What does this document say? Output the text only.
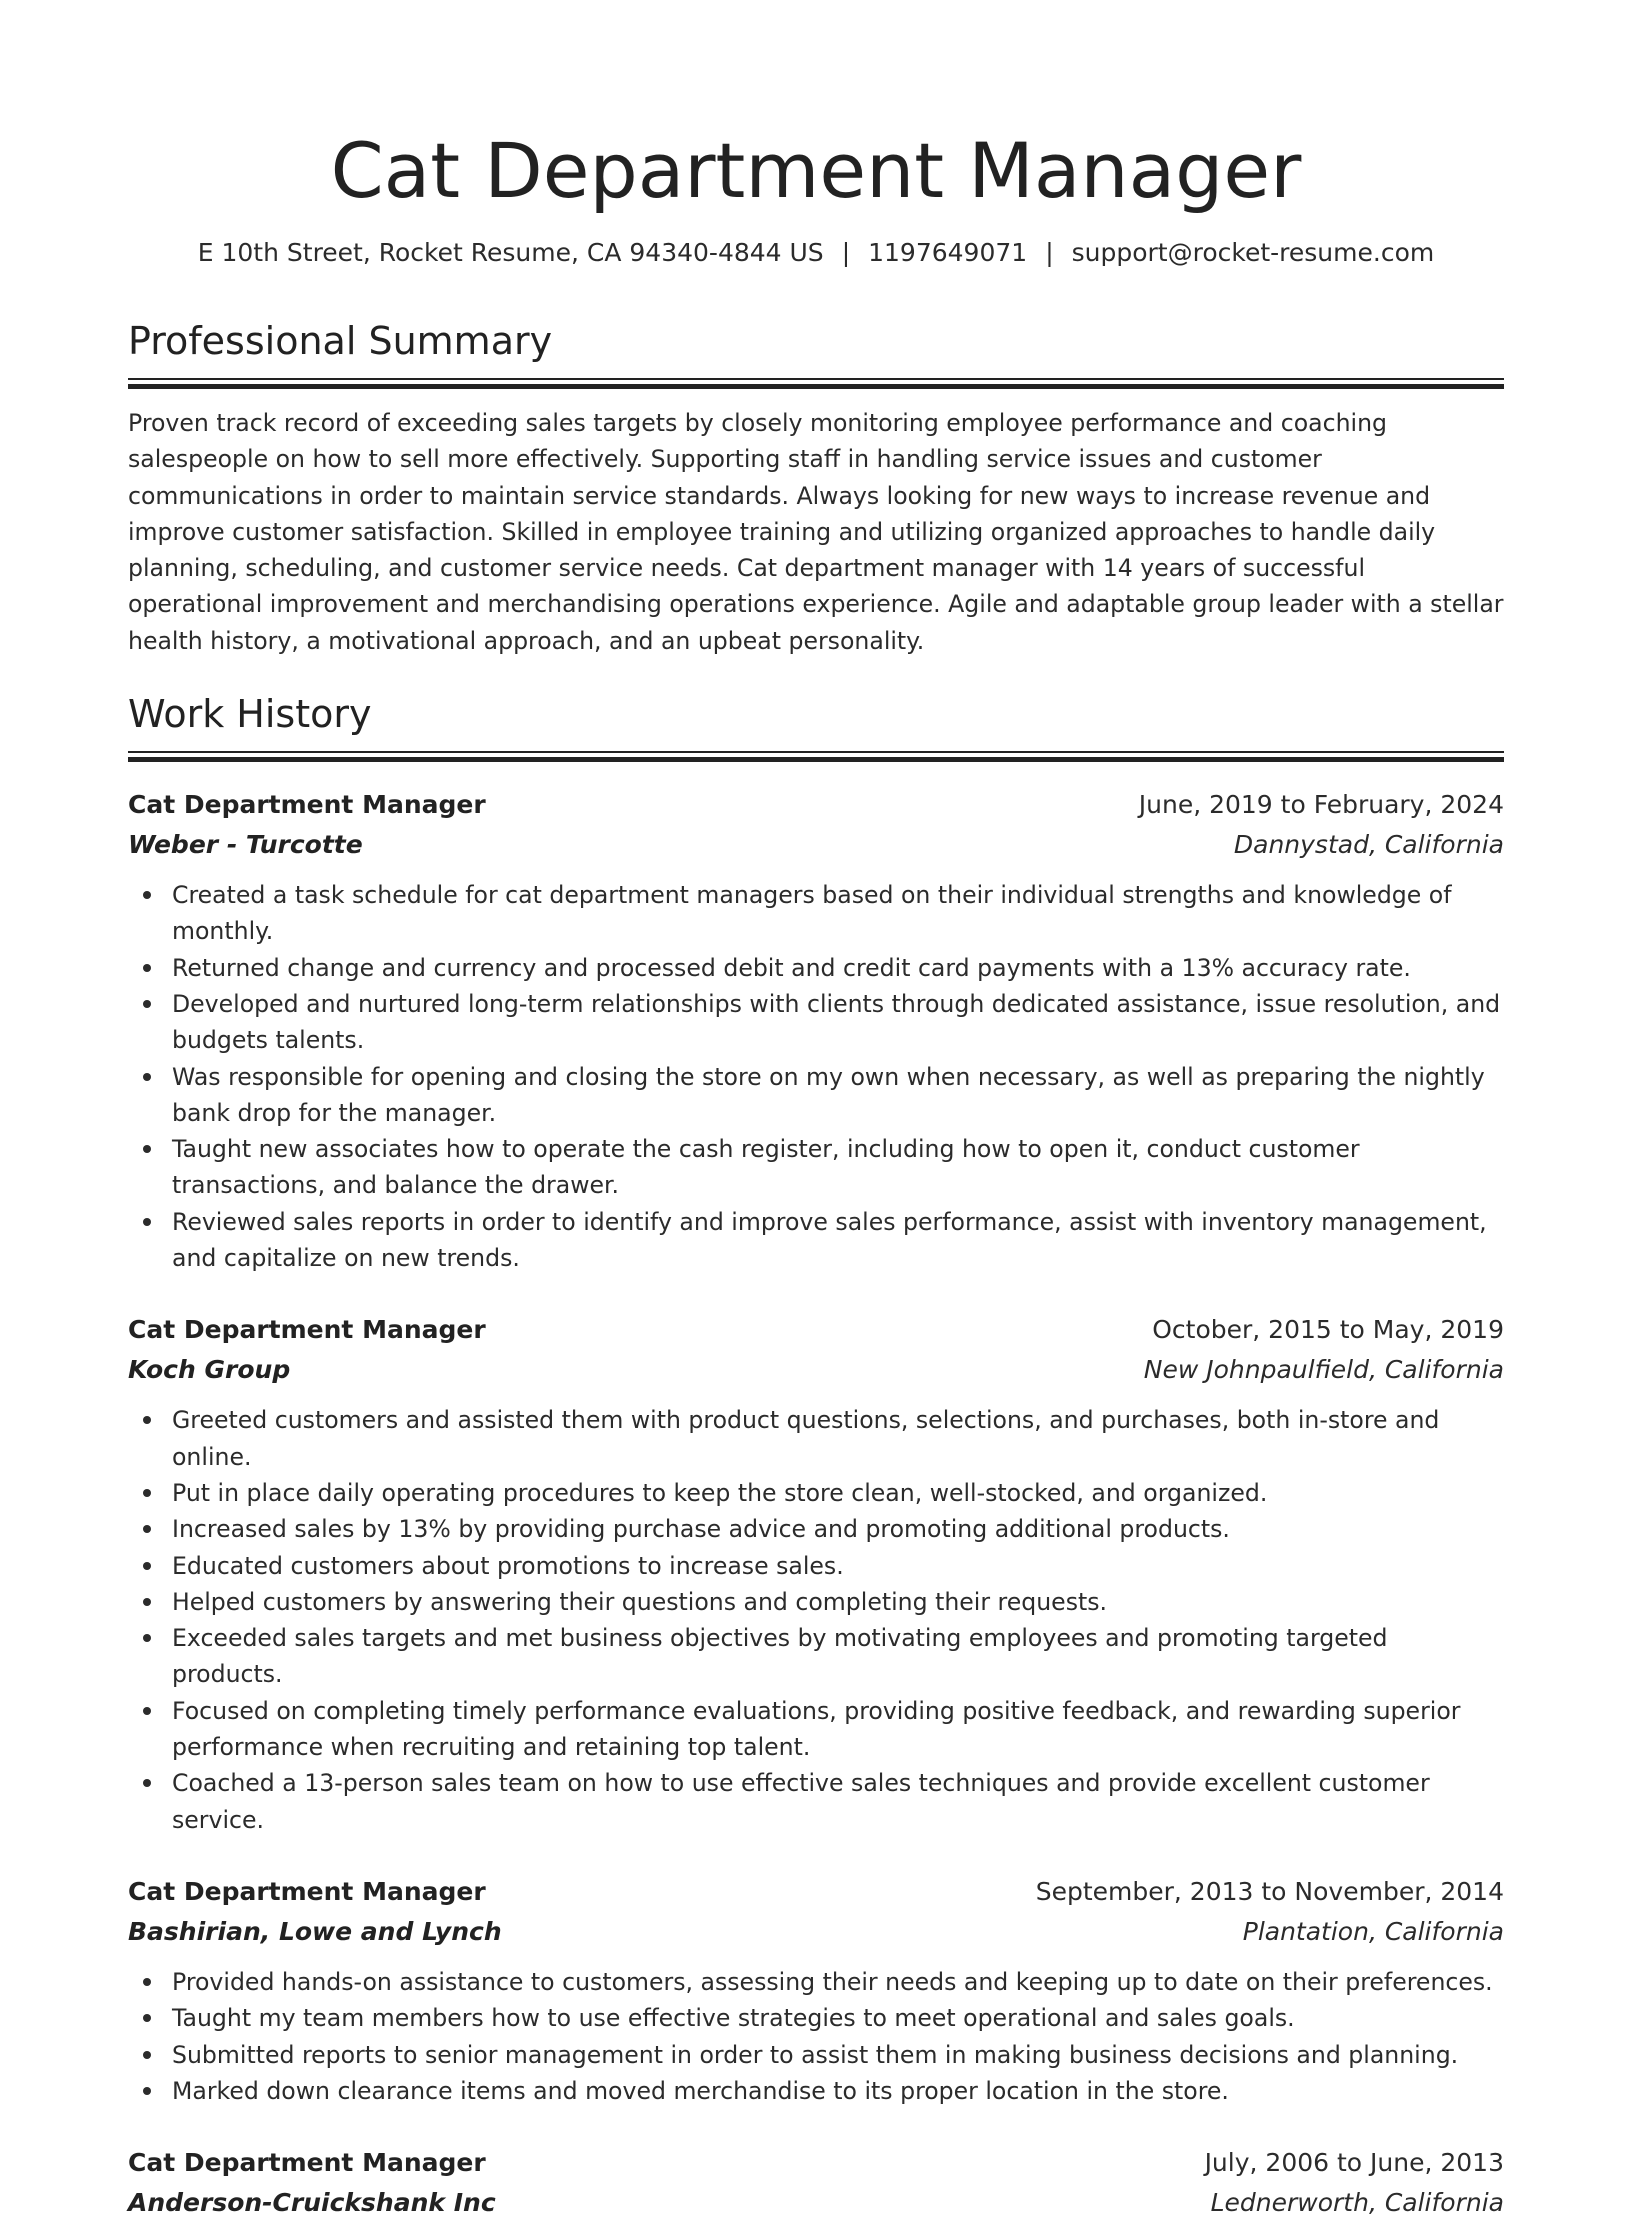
Cat Department Manager
E 10th Street, Rocket Resume, CA 94340-4844 US | 1197649071 | support@rocket-resume.com
Professional Summary

Proven track record of exceeding sales targets by closely monitoring employee performance and coaching salespeople on how to sell more effectively. Supporting staff in handling service issues and customer communications in order to maintain service standards. Always looking for new ways to increase revenue and improve customer satisfaction. Skilled in employee training and utilizing organized approaches to handle daily planning, scheduling, and customer service needs. Cat department manager with 14 years of successful operational improvement and merchandising operations experience. Agile and adaptable group leader with a stellar health history, a motivational approach, and an upbeat personality.

Work History
Cat Department Manager	June, 2019 to February, 2024
Weber - Turcotte	Dannystad, California
Created a task schedule for cat department managers based on their individual strengths and knowledge of monthly.
Returned change and currency and processed debit and credit card payments with a 13% accuracy rate.
Developed and nurtured long-term relationships with clients through dedicated assistance, issue resolution, and budgets talents.
Was responsible for opening and closing the store on my own when necessary, as well as preparing the nightly bank drop for the manager.
Taught new associates how to operate the cash register, including how to open it, conduct customer transactions, and balance the drawer.
Reviewed sales reports in order to identify and improve sales performance, assist with inventory management, and capitalize on new trends.
Cat Department Manager	October, 2015 to May, 2019
Koch Group	New Johnpaulfield, California
Greeted customers and assisted them with product questions, selections, and purchases, both in-store and online.
Put in place daily operating procedures to keep the store clean, well-stocked, and organized.
Increased sales by 13% by providing purchase advice and promoting additional products.
Educated customers about promotions to increase sales.
Helped customers by answering their questions and completing their requests.
Exceeded sales targets and met business objectives by motivating employees and promoting targeted products.
Focused on completing timely performance evaluations, providing positive feedback, and rewarding superior performance when recruiting and retaining top talent.
Coached a 13-person sales team on how to use effective sales techniques and provide excellent customer service.
Cat Department Manager	September, 2013 to November, 2014
Bashirian, Lowe and Lynch	Plantation, California
Provided hands-on assistance to customers, assessing their needs and keeping up to date on their preferences.
Taught my team members how to use effective strategies to meet operational and sales goals.
Submitted reports to senior management in order to assist them in making business decisions and planning.
Marked down clearance items and moved merchandise to its proper location in the store.
Cat Department Manager	July, 2006 to June, 2013
Anderson-Cruickshank Inc	Lednerworth, California
